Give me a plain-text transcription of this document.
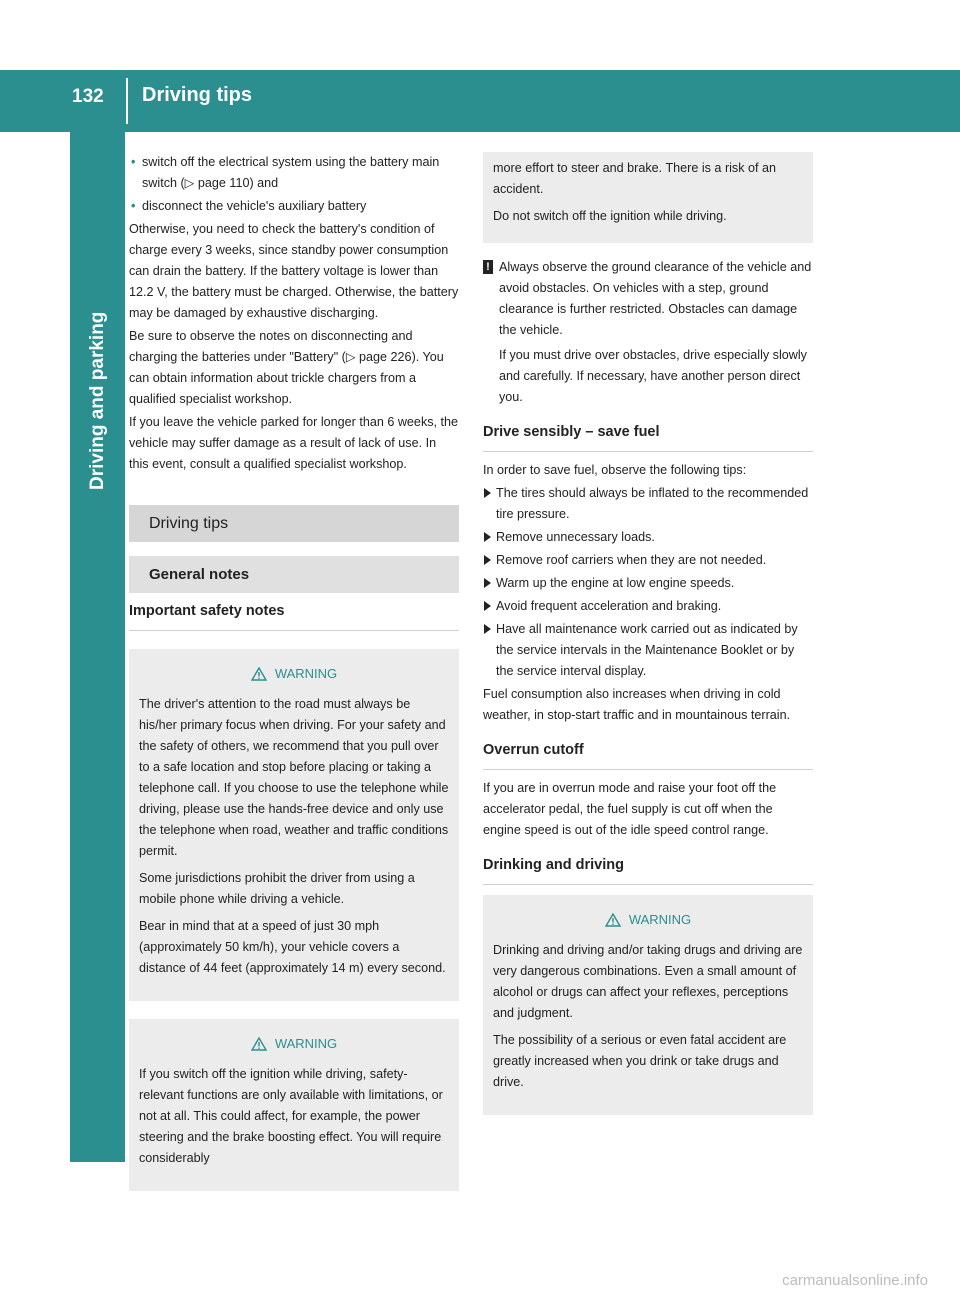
132	Driving tips
Driving and parking
• switch off the electrical system using the battery main switch (▷ page 110) and
• disconnect the vehicle's auxiliary battery

Otherwise, you need to check the battery's condition of charge every 3 weeks, since standby power consumption can drain the battery. If the battery voltage is lower than 12.2 V, the battery must be charged. Otherwise, the battery may be damaged by exhaustive discharging.

Be sure to observe the notes on disconnecting and charging the batteries under "Battery" (▷ page 226). You can obtain information about trickle chargers from a qualified specialist workshop.

If you leave the vehicle parked for longer than 6 weeks, the vehicle may suffer damage as a result of lack of use. In this event, consult a qualified specialist workshop.

Driving tips
General notes
Important safety notes
WARNING

The driver's attention to the road must always be his/her primary focus when driving. For your safety and the safety of others, we recommend that you pull over to a safe location and stop before placing or taking a telephone call. If you choose to use the telephone while driving, please use the hands-free device and only use the telephone when road, weather and traffic conditions permit.

Some jurisdictions prohibit the driver from using a mobile phone while driving a vehicle.

Bear in mind that at a speed of just 30 mph (approximately 50 km/h), your vehicle covers a distance of 44 feet (approximately 14 m) every second.

WARNING

If you switch off the ignition while driving, safety-relevant functions are only available with limitations, or not at all. This could affect, for example, the power steering and the brake boosting effect. You will require considerably

more effort to steer and brake. There is a risk of an accident.

Do not switch off the ignition while driving.

! Always observe the ground clearance of the vehicle and avoid obstacles. On vehicles with a step, ground clearance is further restricted. Obstacles can damage the vehicle.

If you must drive over obstacles, drive especially slowly and carefully. If necessary, have another person direct you.

Drive sensibly – save fuel

In order to save fuel, observe the following tips:

The tires should always be inflated to the recommended tire pressure.
Remove unnecessary loads.
Remove roof carriers when they are not needed.
Warm up the engine at low engine speeds.
Avoid frequent acceleration and braking.
Have all maintenance work carried out as indicated by the service intervals in the Maintenance Booklet or by the service interval display.

Fuel consumption also increases when driving in cold weather, in stop-start traffic and in mountainous terrain.

Overrun cutoff

If you are in overrun mode and raise your foot off the accelerator pedal, the fuel supply is cut off when the engine speed is out of the idle speed control range.

Drinking and driving
WARNING

Drinking and driving and/or taking drugs and driving are very dangerous combinations. Even a small amount of alcohol or drugs can affect your reflexes, perceptions and judgment.

The possibility of a serious or even fatal accident are greatly increased when you drink or take drugs and drive.

carmanualsonline.info
